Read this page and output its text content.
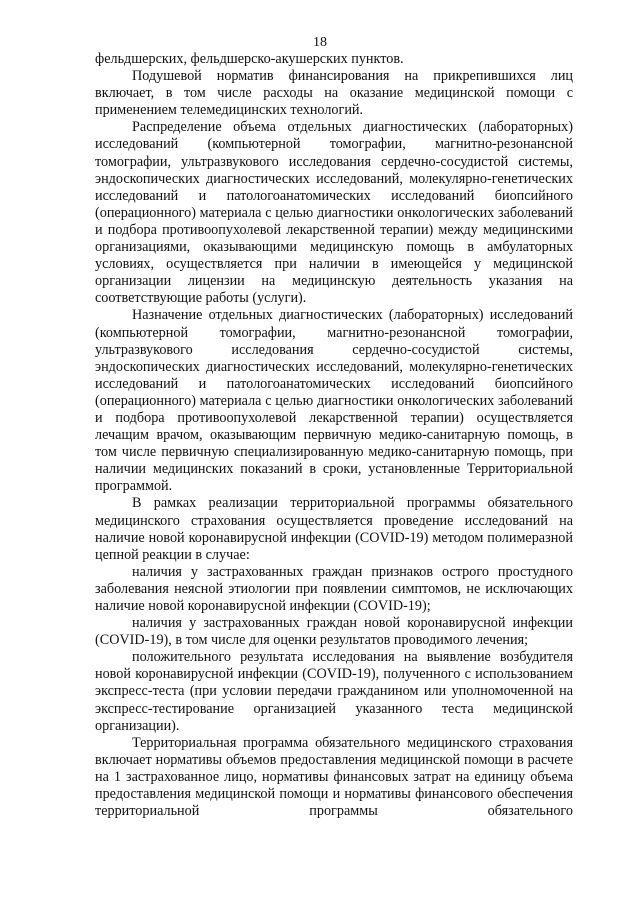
18

фельдшерских, фельдшерско-акушерских пунктов.

Подушевой норматив финансирования на прикрепившихся лиц включает, в том числе расходы на оказание медицинской помощи с применением телемедицинских технологий.

Распределение объема отдельных диагностических (лабораторных) исследований (компьютерной томографии, магнитно-резонансной томографии, ультразвукового исследования сердечно-сосудистой системы, эндоскопических диагностических исследований, молекулярно-генетических исследований и патологоанатомических исследований биопсийного (операционного) материала с целью диагностики онкологических заболеваний и подбора противоопухолевой лекарственной терапии) между медицинскими организациями, оказывающими медицинскую помощь в амбулаторных условиях, осуществляется при наличии в имеющейся у медицинской организации лицензии на медицинскую деятельность указания на соответствующие работы (услуги).

Назначение отдельных диагностических (лабораторных) исследований (компьютерной томографии, магнитно-резонансной томографии, ультразвукового исследования сердечно-сосудистой системы, эндоскопических диагностических исследований, молекулярно-генетических исследований и патологоанатомических исследований биопсийного (операционного) материала с целью диагностики онкологических заболеваний и подбора противоопухолевой лекарственной терапии) осуществляется лечащим врачом, оказывающим первичную медико-санитарную помощь, в том числе первичную специализированную медико-санитарную помощь, при наличии медицинских показаний в сроки, установленные Территориальной программой.

В рамках реализации территориальной программы обязательного медицинского страхования осуществляется проведение исследований на наличие новой коронавирусной инфекции (COVID-19) методом полимеразной цепной реакции в случае:

наличия у застрахованных граждан признаков острого простудного заболевания неясной этиологии при появлении симптомов, не исключающих наличие новой коронавирусной инфекции (COVID-19);

наличия у застрахованных граждан новой коронавирусной инфекции (COVID-19), в том числе для оценки результатов проводимого лечения;

положительного результата исследования на выявление возбудителя новой коронавирусной инфекции (COVID-19), полученного с использованием экспресс-теста (при условии передачи гражданином или уполномоченной на экспресс-тестирование организацией указанного теста медицинской организации).

Территориальная программа обязательного медицинского страхования включает нормативы объемов предоставления медицинской помощи в расчете на 1 застрахованное лицо, нормативы финансовых затрат на единицу объема предоставления медицинской помощи и нормативы финансового обеспечения территориальной программы обязательного
